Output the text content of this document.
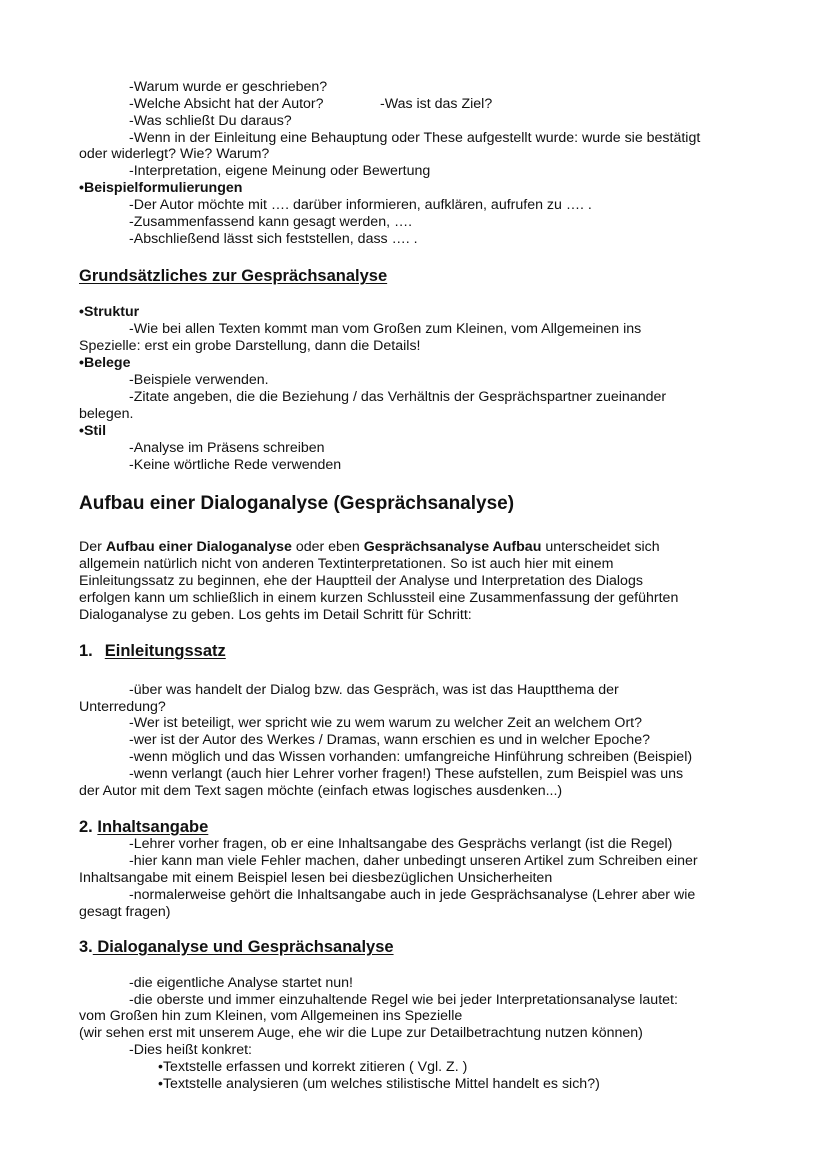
-Warum wurde er geschrieben?
-Welche Absicht hat der Autor?	-Was ist das Ziel?
-Was schließt Du daraus?
-Wenn in der Einleitung eine Behauptung oder These aufgestellt wurde: wurde sie bestätigt
oder widerlegt? Wie? Warum?
-Interpretation, eigene Meinung oder Bewertung
•Beispielformulierungen
-Der Autor möchte mit …. darüber informieren, aufklären, aufrufen zu …. .
-Zusammenfassend kann gesagt werden, ….
-Abschließend lässt sich feststellen, dass …. .
Grundsätzliches zur Gesprächsanalyse
•Struktur
-Wie bei allen Texten kommt man vom Großen zum Kleinen, vom Allgemeinen ins
Spezielle: erst ein grobe Darstellung, dann die Details!
•Belege
-Beispiele verwenden.
-Zitate angeben, die die Beziehung / das Verhältnis der Gesprächspartner zueinander
belegen.
•Stil
-Analyse im Präsens schreiben
-Keine wörtliche Rede verwenden
Aufbau einer Dialoganalyse (Gesprächsanalyse)
Der Aufbau einer Dialoganalyse oder eben Gesprächsanalyse Aufbau unterscheidet sich
allgemein natürlich nicht von anderen Textinterpretationen. So ist auch hier mit einem
Einleitungssatz zu beginnen, ehe der Hauptteil der Analyse und Interpretation des Dialogs
erfolgen kann um schließlich in einem kurzen Schlussteil eine Zusammenfassung der geführten
Dialoganalyse zu geben. Los gehts im Detail Schritt für Schritt:
1. Einleitungssatz
-über was handelt der Dialog bzw. das Gespräch, was ist das Hauptthema der
Unterredung?
-Wer ist beteiligt, wer spricht wie zu wem warum zu welcher Zeit an welchem Ort?
-wer ist der Autor des Werkes / Dramas, wann erschien es und in welcher Epoche?
-wenn möglich und das Wissen vorhanden: umfangreiche Hinführung schreiben (Beispiel)
-wenn verlangt (auch hier Lehrer vorher fragen!) These aufstellen, zum Beispiel was uns
der Autor mit dem Text sagen möchte (einfach etwas logisches ausdenken...)
2. Inhaltsangabe
-Lehrer vorher fragen, ob er eine Inhaltsangabe des Gesprächs verlangt (ist die Regel)
-hier kann man viele Fehler machen, daher unbedingt unseren Artikel zum Schreiben einer
Inhaltsangabe mit einem Beispiel lesen bei diesbezüglichen Unsicherheiten
-normalerweise gehört die Inhaltsangabe auch in jede Gesprächsanalyse (Lehrer aber wie
gesagt fragen)
3. Dialoganalyse und Gesprächsanalyse
-die eigentliche Analyse startet nun!
-die oberste und immer einzuhaltende Regel wie bei jeder Interpretationsanalyse lautet:
vom Großen hin zum Kleinen, vom Allgemeinen ins Spezielle
(wir sehen erst mit unserem Auge, ehe wir die Lupe zur Detailbetrachtung nutzen können)
-Dies heißt konkret:
•Textstelle erfassen und korrekt zitieren ( Vgl. Z. )
•Textstelle analysieren (um welches stilistische Mittel handelt es sich?)
